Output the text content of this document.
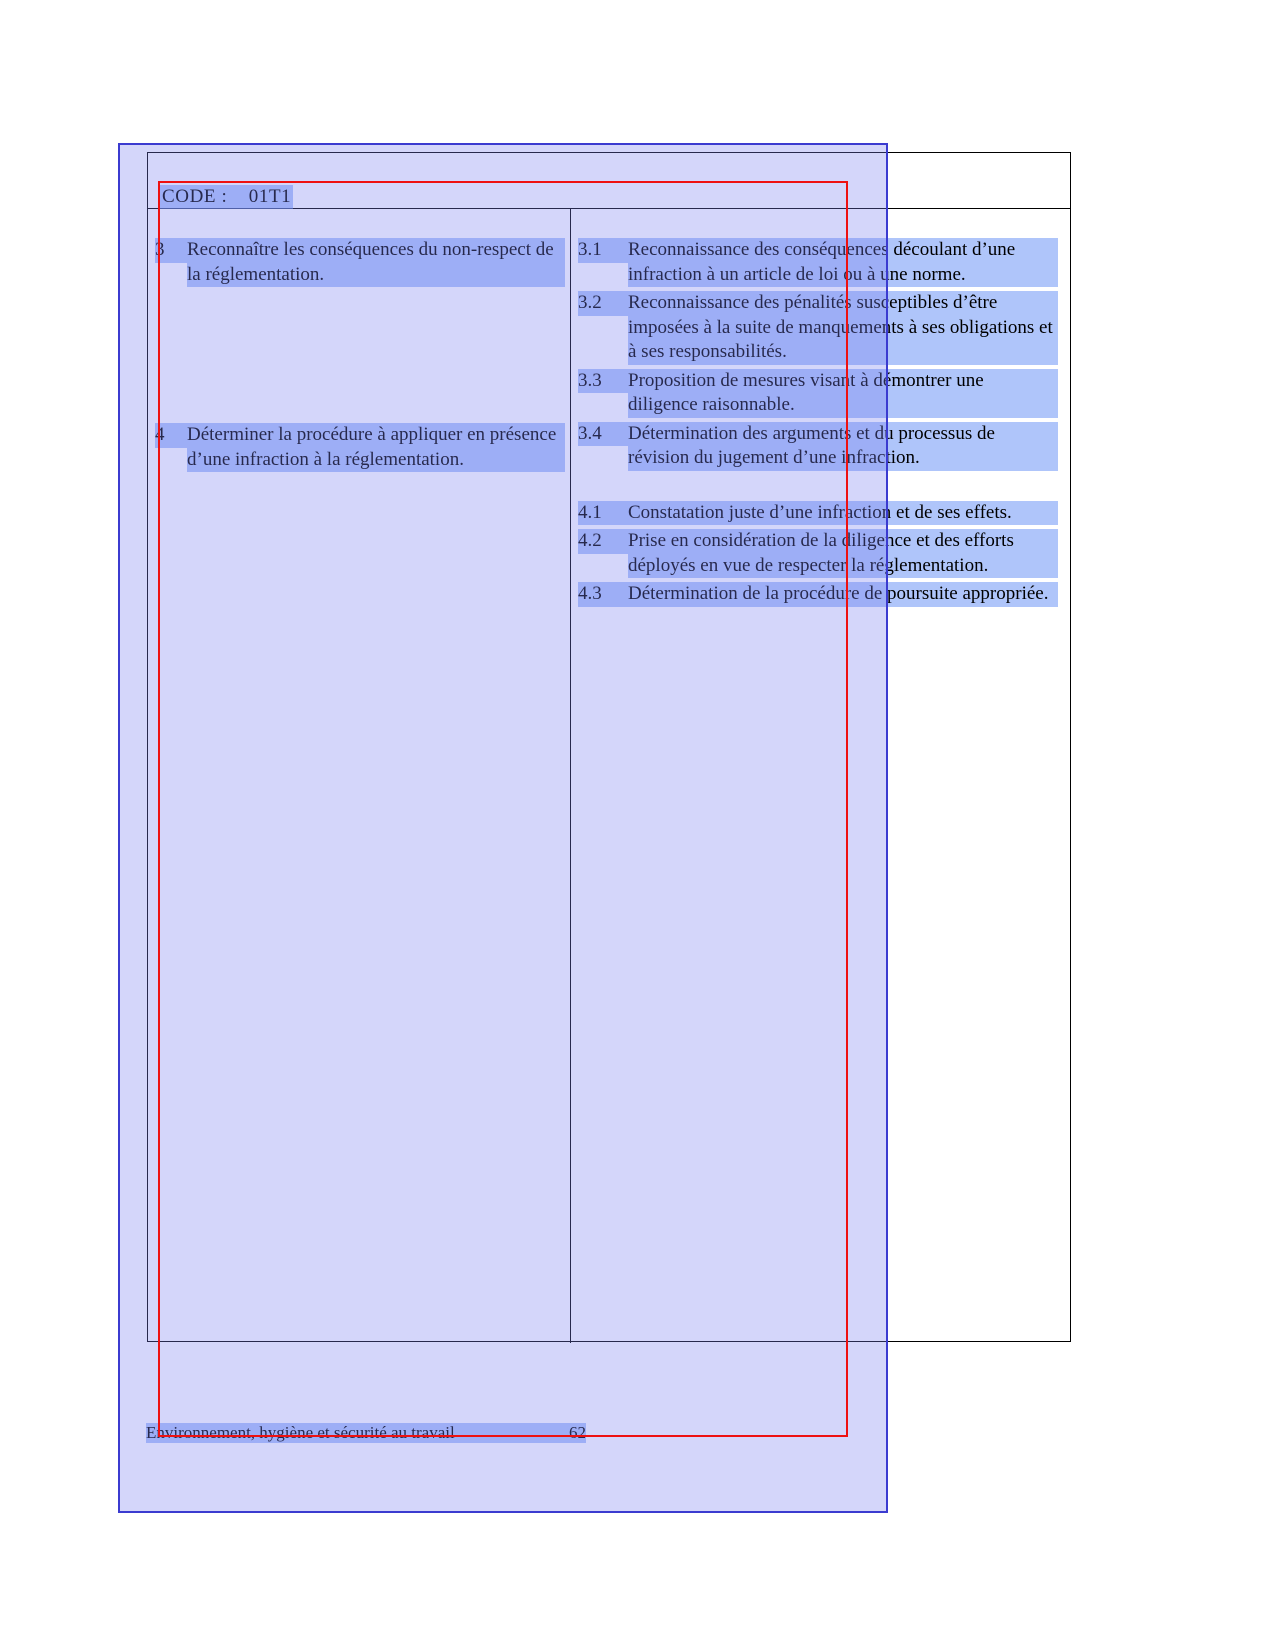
CODE : 01T1
3	Reconnaître les conséquences du non-respect de la réglementation.
4	Déterminer la procédure à appliquer en présence d’une infraction à la réglementation.
3.1	Reconnaissance des conséquences découlant d’une infraction à un article de loi ou à une norme.
3.2	Reconnaissance des pénalités susceptibles d’être imposées à la suite de manquements à ses obligations et à ses responsabilités.
3.3	Proposition de mesures visant à démontrer une diligence raisonnable.
3.4	Détermination des arguments et du processus de révision du jugement d’une infraction.
4.1	Constatation juste d’une infraction et de ses effets.
4.2	Prise en considération de la diligence et des efforts déployés en vue de respecter la réglementation.
4.3	Détermination de la procédure de poursuite appropriée.
Environnement, hygiène et sécurité au travail	62
